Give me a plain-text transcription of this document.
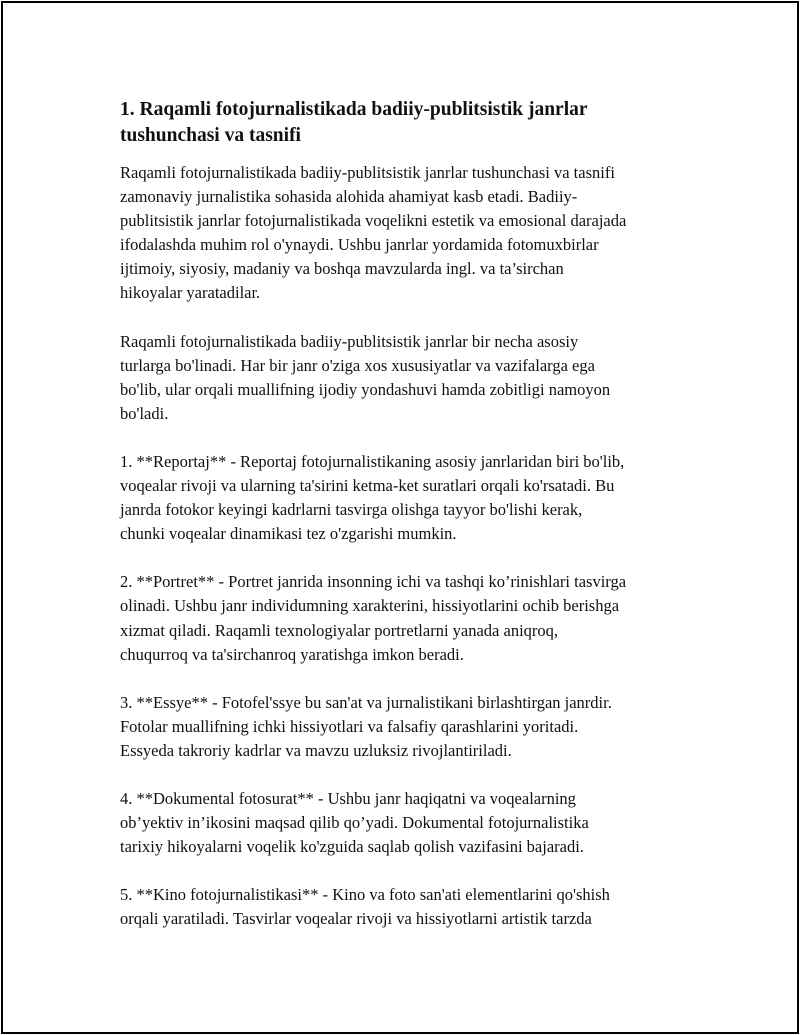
1. Raqamli fotojurnalistikada badiiy-publitsistik janrlar
tushunchasi va tasnifi

Raqamli fotojurnalistikada badiiy-publitsistik janrlar tushunchasi va tasnifi
zamonaviy jurnalistika sohasida alohida ahamiyat kasb etadi. Badiiy-
publitsistik janrlar fotojurnalistikada voqelikni estetik va emosional darajada
ifodalashda muhim rol o'ynaydi. Ushbu janrlar yordamida fotomuxbirlar
ijtimoiy, siyosiy, madaniy va boshqa mavzularda ingl. va ta’sirchan
hikoyalar yaratadilar.

Raqamli fotojurnalistikada badiiy-publitsistik janrlar bir necha asosiy
turlarga bo'linadi. Har bir janr o'ziga xos xususiyatlar va vazifalarga ega
bo'lib, ular orqali muallifning ijodiy yondashuvi hamda zobitligi namoyon
bo'ladi.

1. **Reportaj** - Reportaj fotojurnalistikaning asosiy janrlaridan biri bo'lib,
voqealar rivoji va ularning ta'sirini ketma-ket suratlari orqali ko'rsatadi. Bu
janrda fotokor keyingi kadrlarni tasvirga olishga tayyor bo'lishi kerak,
chunki voqealar dinamikasi tez o'zgarishi mumkin.

2. **Portret** - Portret janrida insonning ichi va tashqi ko’rinishlari tasvirga
olinadi. Ushbu janr individumning xarakterini, hissiyotlarini ochib berishga
xizmat qiladi. Raqamli texnologiyalar portretlarni yanada aniqroq,
chuqurroq va ta'sirchanroq yaratishga imkon beradi.

3. **Essye** - Fotofel'ssye bu san'at va jurnalistikani birlashtirgan janrdir.
Fotolar muallifning ichki hissiyotlari va falsafiy qarashlarini yoritadi.
Essyeda takroriy kadrlar va mavzu uzluksiz rivojlantiriladi.

4. **Dokumental fotosurat** - Ushbu janr haqiqatni va voqealarning
ob’yektiv in’ikosini maqsad qilib qo’yadi. Dokumental fotojurnalistika
tarixiy hikoyalarni voqelik ko'zguida saqlab qolish vazifasini bajaradi.

5. **Kino fotojurnalistikasi** - Kino va foto san'ati elementlarini qo'shish
orqali yaratiladi. Tasvirlar voqealar rivoji va hissiyotlarni artistik tarzda
